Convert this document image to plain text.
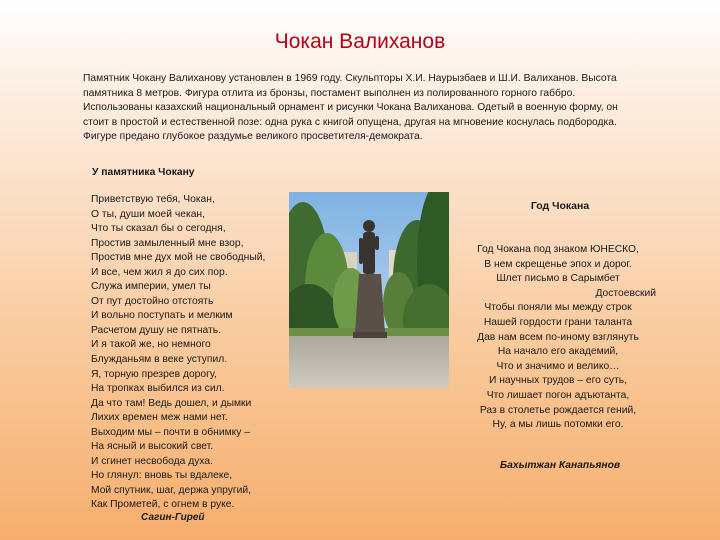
Чокан Валиханов
Памятник Чокану Валиханову установлен в 1969 году. Скульпторы Х.И. Наурызбаев и Ш.И. Валиханов. Высота памятника 8 метров. Фигура отлита из бронзы, постамент выполнен из полированного горного габбро. Использованы казахский национальный орнамент и рисунки Чокана Валиханова. Одетый в военную форму, он стоит в простой и естественной позе: одна рука с книгой опущена, другая на мгновение коснулась подбородка. Фигуре предано глубокое раздумье великого просветителя-демократа.
У памятника Чокану
Приветствую тебя, Чокан,
О ты, души моей чекан,
Что ты сказал бы о сегодня,
Простив замыленный мне взор,
Простив мне дух мой не свободный,
И все, чем жил я до сих пор.
Служа империи, умел ты
От пут достойно отстоять
И вольно поступать и мелким
Расчетом душу не пятнать.
И я такой же, но немного
Блужданьям в веке уступил.
Я, торную презрев дорогу,
На тропках выбился из сил.
Да что там! Ведь дошел, и дымки
Лихих времен меж нами нет.
Выходим мы – почти в обнимку –
На ясный и высокий свет.
И сгинет несвобода духа.
Но глянул: вновь ты вдалеке,
Мой спутник, шаг, держа упругий,
Как Прометей, с огнем в руке.
Сагин-Гирей
Год Чокана
Год Чокана под знаком ЮНЕСКО,
В нем скрещенье эпох и дорог.
Шлет письмо в Сарымбет
Достоевский
Чтобы поняли мы между строк
Нашей гордости грани таланта
Дав нам всем по-иному взглянуть
На начало его академий,
Что и значимо и велико…
И научных трудов – его суть,
Что лишает погон адъютанта,
Раз в столетье рождается гений,
Ну, а мы лишь потомки его.
Бахытжан Канапьянов
